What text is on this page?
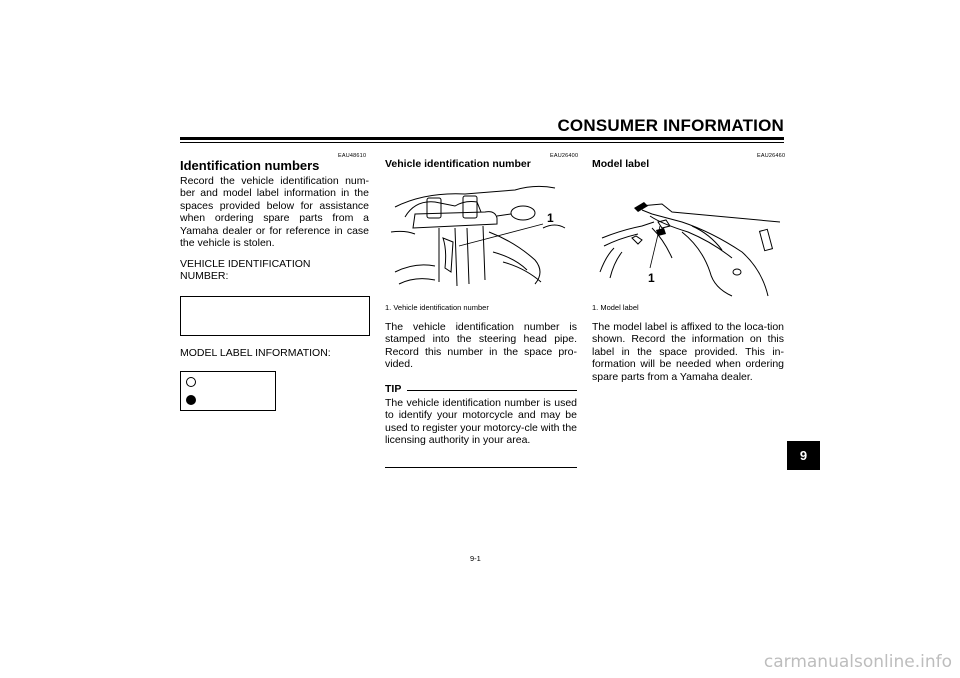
CONSUMER INFORMATION
EAU48610
Identification numbers
Record the vehicle identification num-ber and model label information in the spaces provided below for assistance when ordering spare parts from a Yamaha dealer or for reference in case the vehicle is stolen.
VEHICLE IDENTIFICATION
NUMBER:
MODEL LABEL INFORMATION:
EAU26400
Vehicle identification number
1
1. Vehicle identification number
The vehicle identification number is stamped into the steering head pipe. Record this number in the space pro-vided.
TIP
The vehicle identification number is used to identify your motorcycle and may be used to register your motorcy-cle with the licensing authority in your area.
EAU26460
Model label
1
1. Model label
The model label is affixed to the loca-tion shown. Record the information on this label in the space provided. This in-formation will be needed when ordering spare parts from a Yamaha dealer.
9
9-1
carmanualsonline.info
